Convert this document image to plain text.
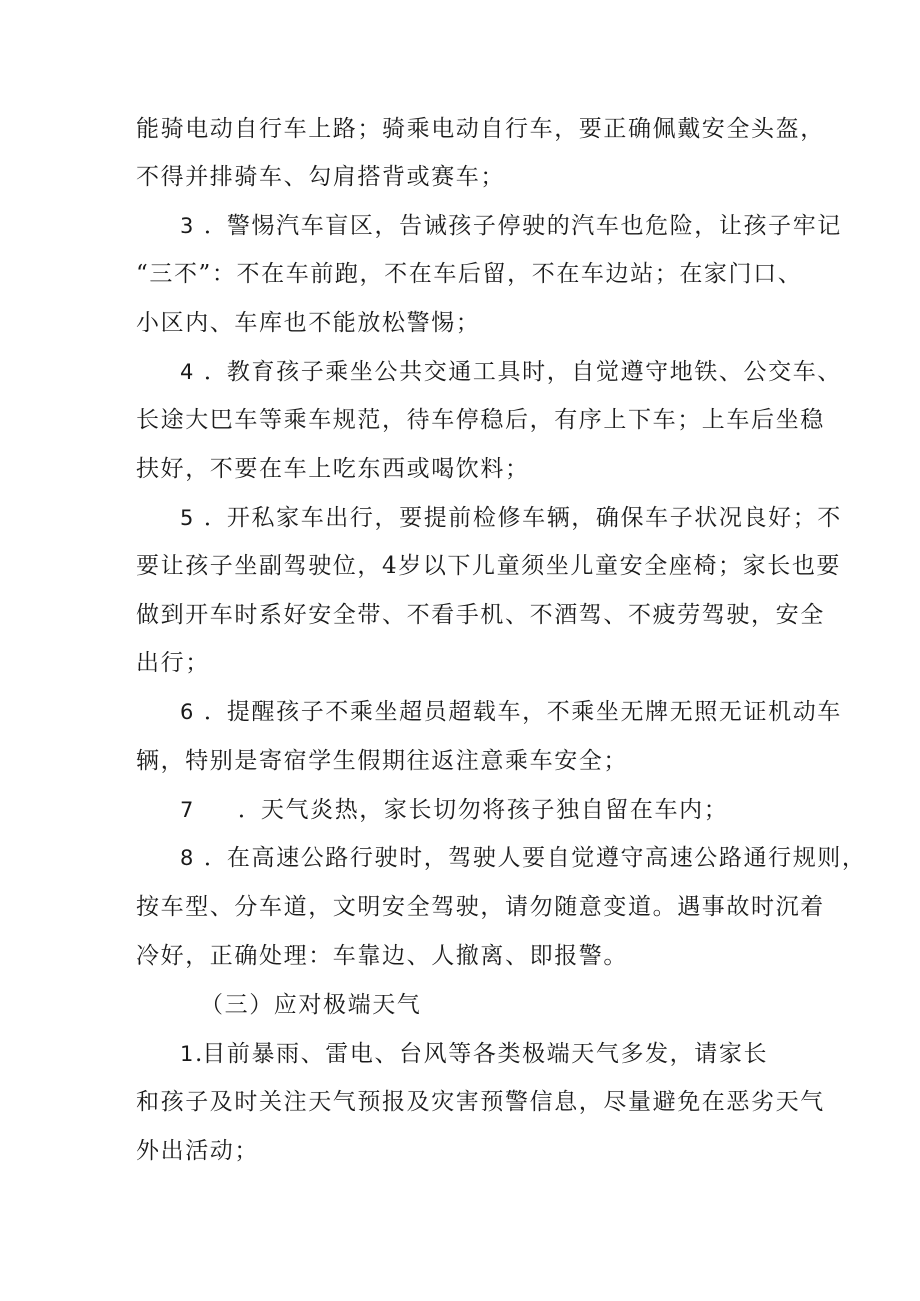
能骑电动自行车上路；骑乘电动自行车，要正确佩戴安全头盔，
不得并排骑车、勾肩搭背或赛车；
3 ．警惕汽车盲区，告诫孩子停驶的汽车也危险，让孩子牢记
“三不”：不在车前跑，不在车后留，不在车边站；在家门口、
小区内、车库也不能放松警惕；
4 ．教育孩子乘坐公共交通工具时，自觉遵守地铁、公交车、
长途大巴车等乘车规范，待车停稳后，有序上下车；上车后坐稳
扶好，不要在车上吃东西或喝饮料；
5 ．开私家车出行，要提前检修车辆，确保车子状况良好；不
要让孩子坐副驾驶位，4岁以下儿童须坐儿童安全座椅；家长也要
做到开车时系好安全带、不看手机、不酒驾、不疲劳驾驶，安全
出行；
6 ．提醒孩子不乘坐超员超载车，不乘坐无牌无照无证机动车
辆，特别是寄宿学生假期往返注意乘车安全；
7 ．天气炎热，家长切勿将孩子独自留在车内；
8 ．在高速公路行驶时，驾驶人要自觉遵守高速公路通行规则，
按车型、分车道，文明安全驾驶，请勿随意变道。遇事故时沉着
冷好，正确处理：车靠边、人撤离、即报警。
（三）应对极端天气
1.目前暴雨、雷电、台风等各类极端天气多发，请家长
和孩子及时关注天气预报及灾害预警信息，尽量避免在恶劣天气
外出活动；
